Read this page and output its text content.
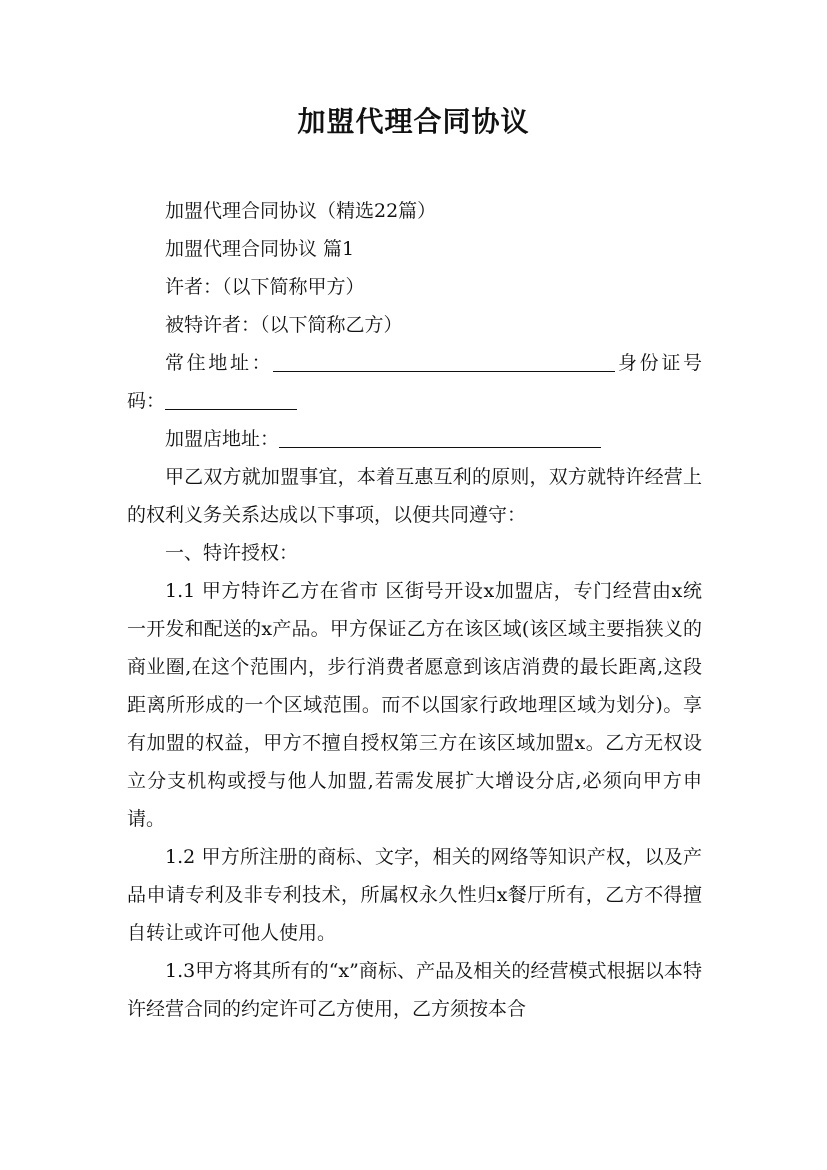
加盟代理合同协议

加盟代理合同协议（精选22篇）

加盟代理合同协议 篇1

许者：（以下简称甲方）

被特许者：（以下简称乙方）

常住地址：	身份证号码：

加盟店地址：

甲乙双方就加盟事宜，本着互惠互利的原则，双方就特许经营上的权利义务关系达成以下事项，以便共同遵守：

一、特许授权：

1.1 甲方特许乙方在省市 区街号开设x加盟店，专门经营由x统一开发和配送的x产品。甲方保证乙方在该区域(该区域主要指狭义的商业圈,在这个范围内，步行消费者愿意到该店消费的最长距离,这段距离所形成的一个区域范围。而不以国家行政地理区域为划分)。享有加盟的权益，甲方不擅自授权第三方在该区域加盟x。乙方无权设立分支机构或授与他人加盟,若需发展扩大增设分店,必须向甲方申请。

1.2 甲方所注册的商标、文字，相关的网络等知识产权，以及产品申请专利及非专利技术，所属权永久性归x餐厅所有，乙方不得擅自转让或许可他人使用。

1.3甲方将其所有的“x”商标、产品及相关的经营模式根据以本特许经营合同的约定许可乙方使用，乙方须按本合
